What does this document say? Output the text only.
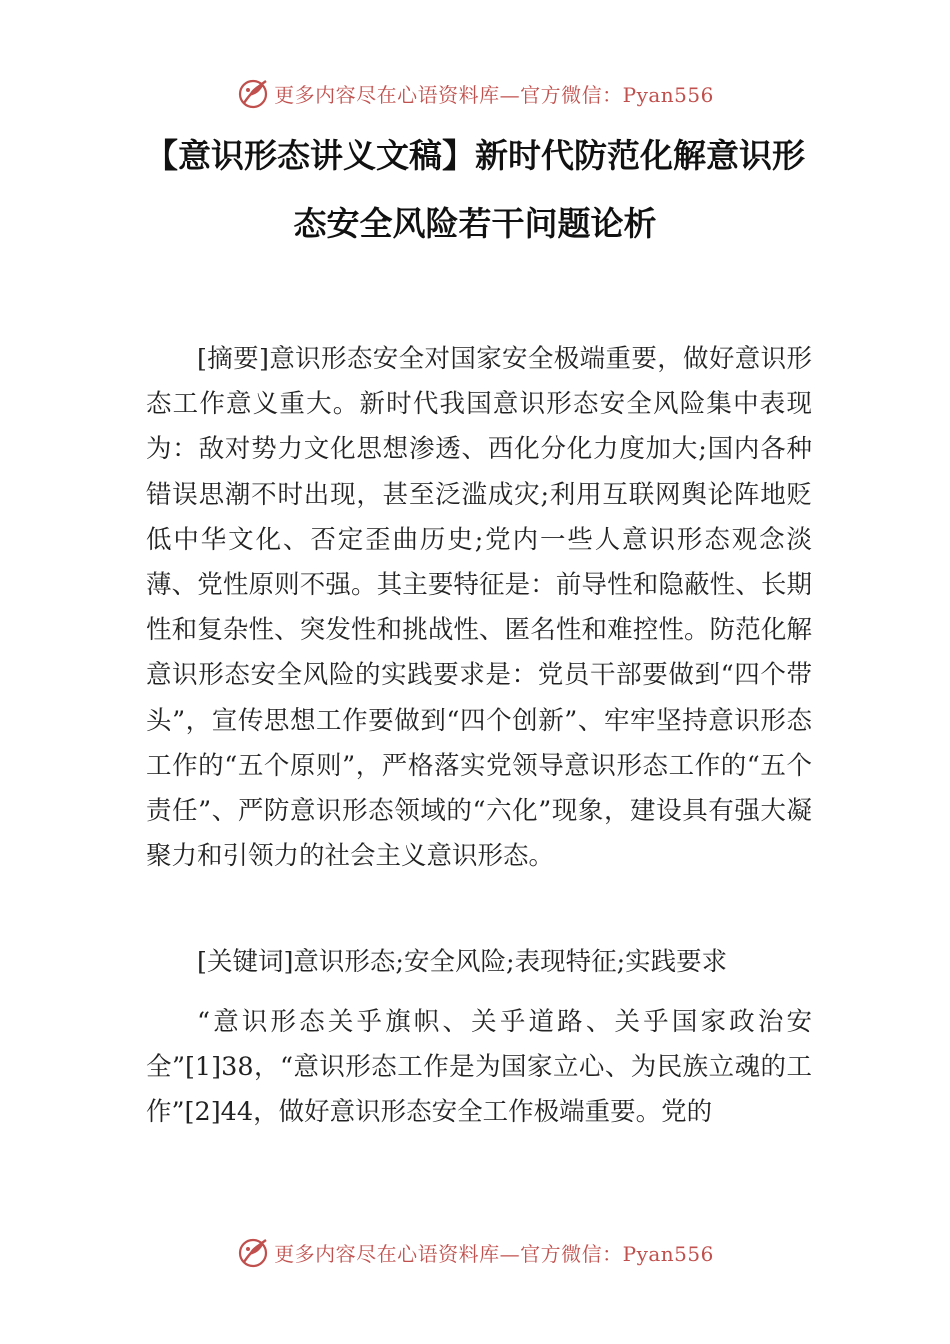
更多内容尽在心语资料库—官方微信：Pyan556
【意识形态讲义文稿】新时代防范化解意识形
态安全风险若干问题论析

[摘要]意识形态安全对国家安全极端重要，做好意识形态工作意义重大。新时代我国意识形态安全风险集中表现为：敌对势力文化思想渗透、西化分化力度加大;国内各种错误思潮不时出现，甚至泛滥成灾;利用互联网舆论阵地贬低中华文化、否定歪曲历史;党内一些人意识形态观念淡薄、党性原则不强。其主要特征是：前导性和隐蔽性、长期性和复杂性、突发性和挑战性、匿名性和难控性。防范化解意识形态安全风险的实践要求是：党员干部要做到“四个带头”，宣传思想工作要做到“四个创新”、牢牢坚持意识形态工作的“五个原则”，严格落实党领导意识形态工作的“五个责任”、严防意识形态领域的“六化”现象，建设具有强大凝聚力和引领力的社会主义意识形态。

[关键词]意识形态;安全风险;表现特征;实践要求

“意识形态关乎旗帜、关乎道路、关乎国家政治安全”[1]38，“意识形态工作是为国家立心、为民族立魂的工作”[2]44，做好意识形态安全工作极端重要。党的

更多内容尽在心语资料库—官方微信：Pyan556
